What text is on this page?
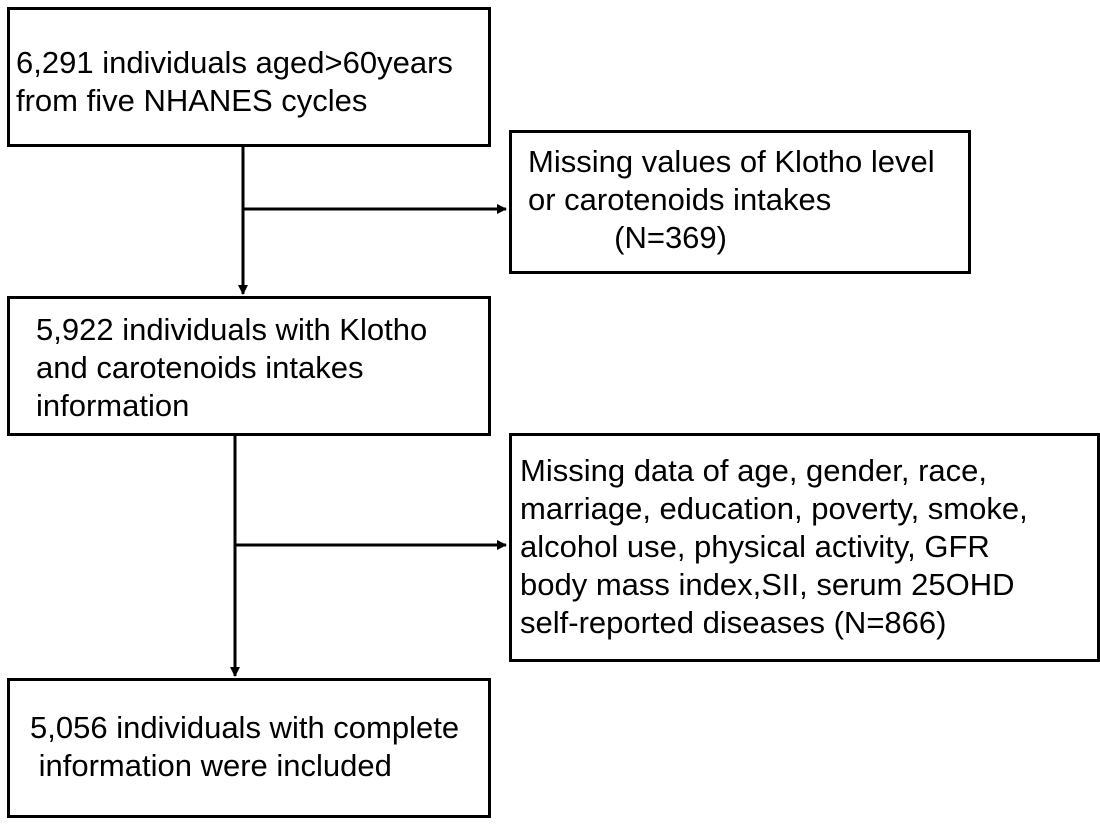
6,291 individuals aged>60years
from five NHANES cycles
Missing values of Klotho level
or carotenoids intakes
(N=369)
5,922 individuals with Klotho
and carotenoids intakes
information
Missing data of age, gender, race,
marriage, education, poverty, smoke,
alcohol use, physical activity, GFR
body mass index,SII, serum 25OHD
self-reported diseases (N=866)
5,056 individuals with complete
information were included
